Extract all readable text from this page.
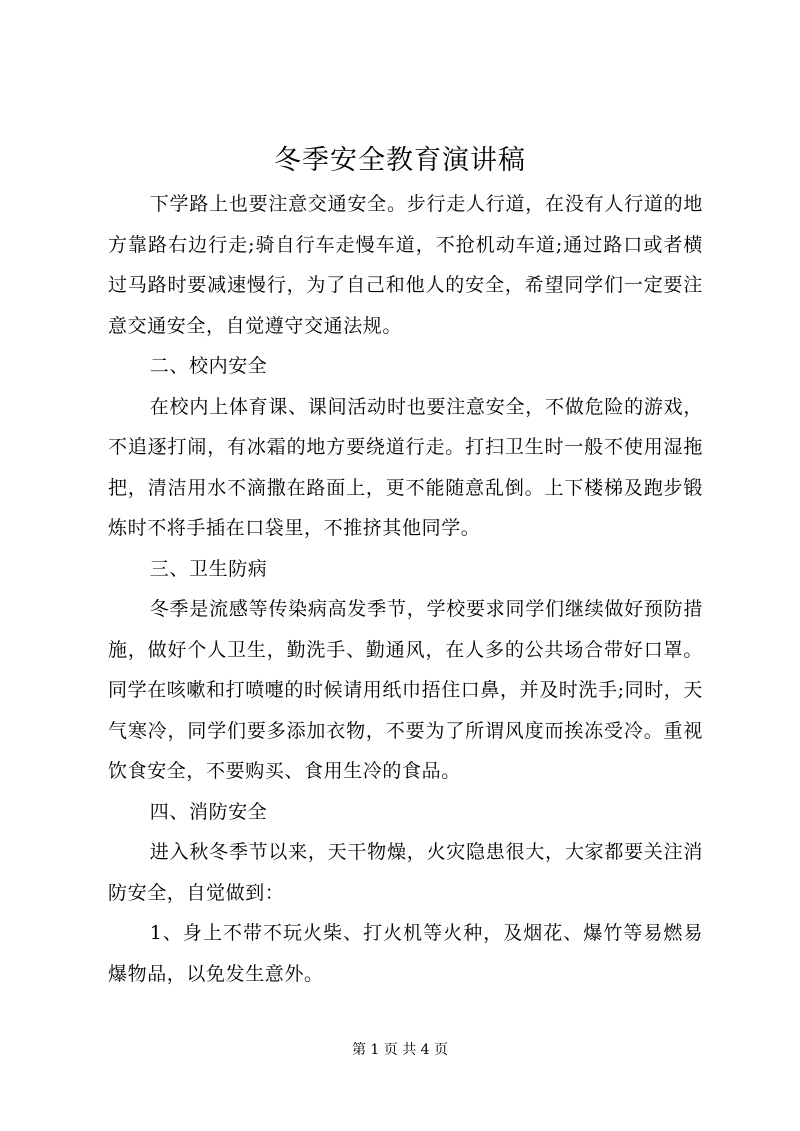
冬季安全教育演讲稿

下学路上也要注意交通安全。步行走人行道，在没有人行道的地方靠路右边行走;骑自行车走慢车道，不抢机动车道;通过路口或者横过马路时要减速慢行，为了自己和他人的安全，希望同学们一定要注意交通安全，自觉遵守交通法规。

二、校内安全

在校内上体育课、课间活动时也要注意安全，不做危险的游戏，不追逐打闹，有冰霜的地方要绕道行走。打扫卫生时一般不使用湿拖把，清洁用水不滴撒在路面上，更不能随意乱倒。上下楼梯及跑步锻炼时不将手插在口袋里，不推挤其他同学。

三、卫生防病

冬季是流感等传染病高发季节，学校要求同学们继续做好预防措施，做好个人卫生，勤洗手、勤通风，在人多的公共场合带好口罩。同学在咳嗽和打喷嚏的时候请用纸巾捂住口鼻，并及时洗手;同时，天气寒冷，同学们要多添加衣物，不要为了所谓风度而挨冻受冷。重视饮食安全，不要购买、食用生冷的食品。

四、消防安全

进入秋冬季节以来，天干物燥，火灾隐患很大，大家都要关注消防安全，自觉做到：

1、身上不带不玩火柴、打火机等火种，及烟花、爆竹等易燃易爆物品，以免发生意外。

第 1 页 共 4 页
